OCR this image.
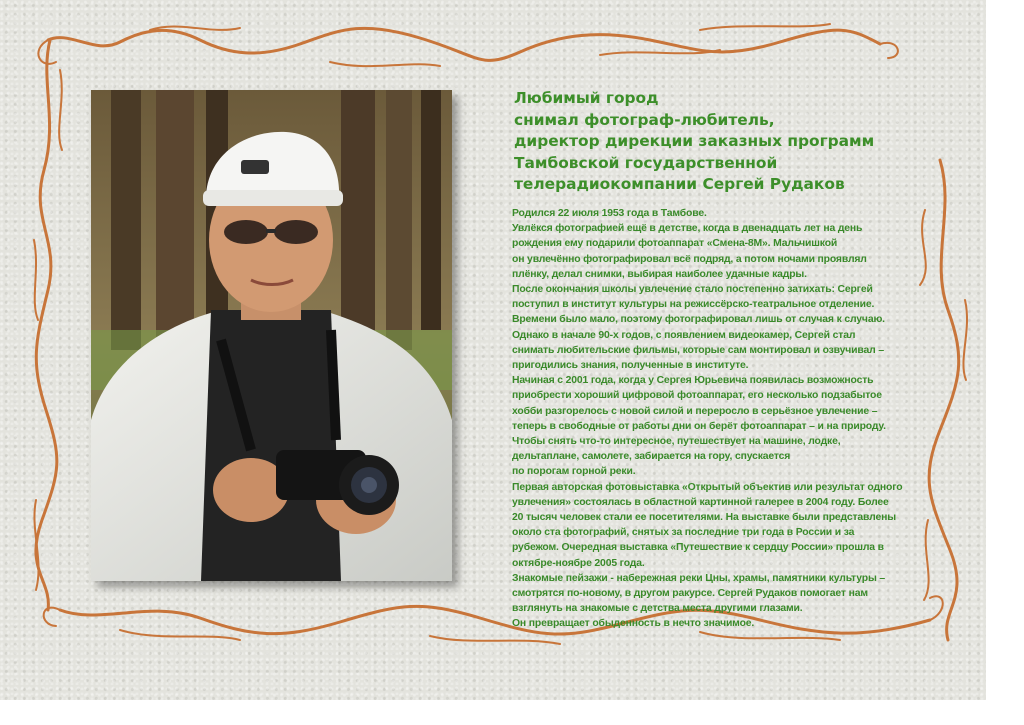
Любимый город
снимал фотограф-любитель,
директор дирекции заказных программ
Тамбовской государственной
телерадиокомпании Сергей Рудаков
Родился 22 июля 1953 года в Тамбове.
Увлёкся фотографией ещё в детстве, когда в двенадцать лет на день
рождения ему подарили фотоаппарат «Смена-8М». Мальчишкой
он увлечённо фотографировал всё подряд, а потом ночами проявлял
плёнку, делал снимки, выбирая наиболее удачные кадры.
После окончания школы увлечение стало постепенно затихать: Сергей
поступил в институт культуры на режиссёрско-театральное отделение.
Времени было мало, поэтому фотографировал лишь от случая к случаю.
Однако в начале 90-х годов, с появлением видеокамер, Сергей стал
снимать любительские фильмы, которые сам монтировал и озвучивал –
пригодились знания, полученные в институте.
Начиная с 2001 года, когда у Сергея Юрьевича появилась возможность
приобрести хороший цифровой фотоаппарат, его несколько подзабытое
хобби разгорелось с новой силой и переросло в серьёзное увлечение –
теперь в свободные от работы дни он берёт фотоаппарат – и на природу.
Чтобы снять что-то интересное, путешествует на машине, лодке,
дельтаплане, самолете, забирается на гору, спускается
по порогам горной реки.
Первая авторская фотовыставка «Открытый объектив или результат одного
увлечения» состоялась в областной картинной галерее в 2004 году. Более
20 тысяч человек стали ее посетителями. На выставке были представлены
около ста фотографий, снятых за последние три года в России и за
рубежом. Очередная выставка «Путешествие к сердцу России» прошла в
октябре-ноябре 2005 года.
Знакомые пейзажи - набережная реки Цны, храмы, памятники культуры –
смотрятся по-новому, в другом ракурсе. Сергей Рудаков помогает нам
взглянуть на знакомые с детства места другими глазами.
Он превращает обыденность в нечто значимое.
